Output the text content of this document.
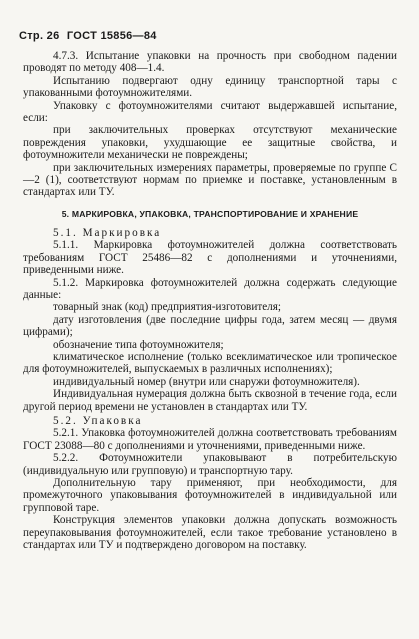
Стр. 26 ГОСТ 15856—84

4.7.3. Испытание упаковки на прочность при свободном падении проводят по методу 408—1.4.

Испытанию подвергают одну единицу транспортной тары с упакованными фотоумножителями.

Упаковку с фотоумножителями считают выдержавшей испытание, если:

при заключительных проверках отсутствуют механические повреждения упаковки, ухудшающие ее защитные свойства, и фотоумножители механически не повреждены;

при заключительных измерениях параметры, проверяемые по группе С—2 (1), соответствуют нормам по приемке и поставке, установленным в стандартах или ТУ.

5. МАРКИРОВКА, УПАКОВКА, ТРАНСПОРТИРОВАНИЕ И ХРАНЕНИЕ

5.1. Маркировка

5.1.1. Маркировка фотоумножителей должна соответствовать требованиям ГОСТ 25486—82 с дополнениями и уточнениями, приведенными ниже.

5.1.2. Маркировка фотоумножителей должна содержать следующие данные:

товарный знак (код) предприятия-изготовителя;

дату изготовления (две последние цифры года, затем месяц — двумя цифрами);

обозначение типа фотоумножителя;

климатическое исполнение (только всеклиматическое или тропическое для фотоумножителей, выпускаемых в различных исполнениях);

индивидуальный номер (внутри или снаружи фотоумножителя).

Индивидуальная нумерация должна быть сквозной в течение года, если другой период времени не установлен в стандартах или ТУ.

5.2. Упаковка

5.2.1. Упаковка фотоумножителей должна соответствовать требованиям ГОСТ 23088—80 с дополнениями и уточнениями, приведенными ниже.

5.2.2. Фотоумножители упаковывают в потребительскую (индивидуальную или групповую) и транспортную тару.

Дополнительную тару применяют, при необходимости, для промежуточного упаковывания фотоумножителей в индивидуальной или групповой таре.

Конструкция элементов упаковки должна допускать возможность переупаковывания фотоумножителей, если такое требование установлено в стандартах или ТУ и подтверждено договором на поставку.
